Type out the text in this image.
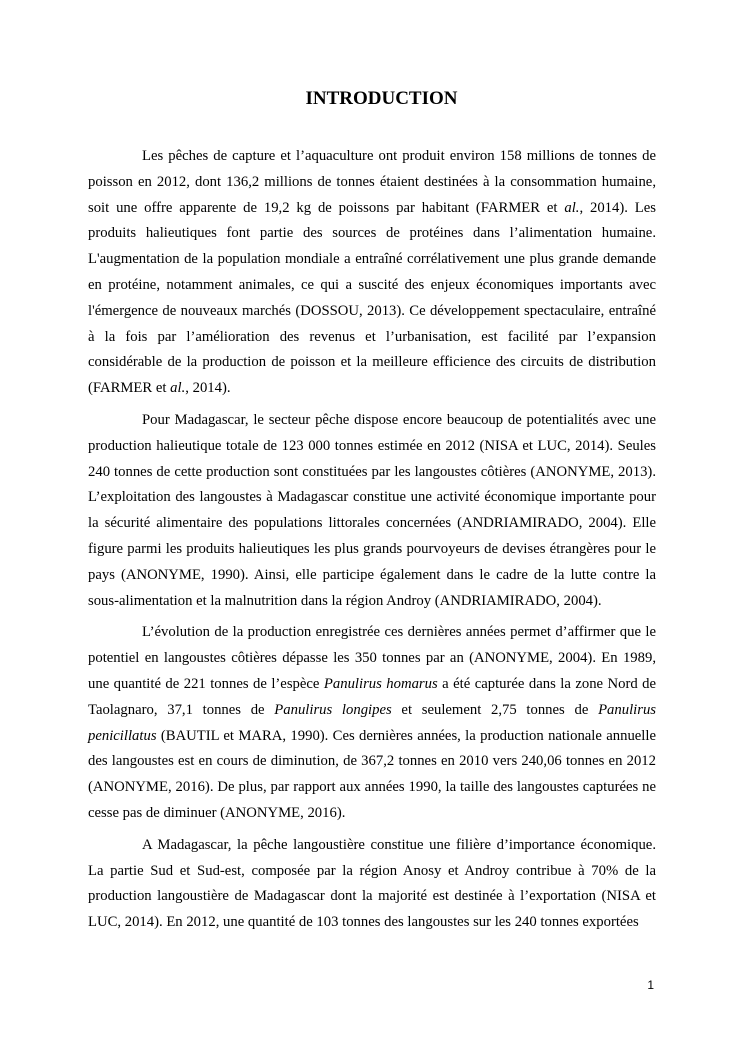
INTRODUCTION

Les pêches de capture et l’aquaculture ont produit environ 158 millions de tonnes de poisson en 2012, dont 136,2 millions de tonnes étaient destinées à la consommation humaine, soit une offre apparente de 19,2 kg de poissons par habitant (FARMER et al., 2014). Les produits halieutiques font partie des sources de protéines dans l’alimentation humaine. L'augmentation de la population mondiale a entraîné corrélativement une plus grande demande en protéine, notamment animales, ce qui a suscité des enjeux économiques importants avec l'émergence de nouveaux marchés (DOSSOU, 2013). Ce développement spectaculaire, entraîné à la fois par l’amélioration des revenus et l’urbanisation, est facilité par l’expansion considérable de la production de poisson et la meilleure efficience des circuits de distribution (FARMER et al., 2014).

Pour Madagascar, le secteur pêche dispose encore beaucoup de potentialités avec une production halieutique totale de 123 000 tonnes estimée en 2012 (NISA et LUC, 2014). Seules 240 tonnes de cette production sont constituées par les langoustes côtières (ANONYME, 2013). L’exploitation des langoustes à Madagascar constitue une activité économique importante pour la sécurité alimentaire des populations littorales concernées (ANDRIAMIRADO, 2004). Elle figure parmi les produits halieutiques les plus grands pourvoyeurs de devises étrangères pour le pays (ANONYME, 1990). Ainsi, elle participe également dans le cadre de la lutte contre la sous-alimentation et la malnutrition dans la région Androy (ANDRIAMIRADO, 2004).

L’évolution de la production enregistrée ces dernières années permet d’affirmer que le potentiel en langoustes côtières dépasse les 350 tonnes par an (ANONYME, 2004). En 1989, une quantité de 221 tonnes de l’espèce Panulirus homarus a été capturée dans la zone Nord de Taolagnaro, 37,1 tonnes de Panulirus longipes et seulement 2,75 tonnes de Panulirus penicillatus (BAUTIL et MARA, 1990). Ces dernières années, la production nationale annuelle des langoustes est en cours de diminution, de 367,2 tonnes en 2010 vers 240,06 tonnes en 2012 (ANONYME, 2016). De plus, par rapport aux années 1990, la taille des langoustes capturées ne cesse pas de diminuer (ANONYME, 2016).

A Madagascar, la pêche langoustière constitue une filière d’importance économique. La partie Sud et Sud-est, composée par la région Anosy et Androy contribue à 70% de la production langoustière de Madagascar dont la majorité est destinée à l’exportation (NISA et LUC, 2014). En 2012, une quantité de 103 tonnes des langoustes sur les 240 tonnes exportées

1
